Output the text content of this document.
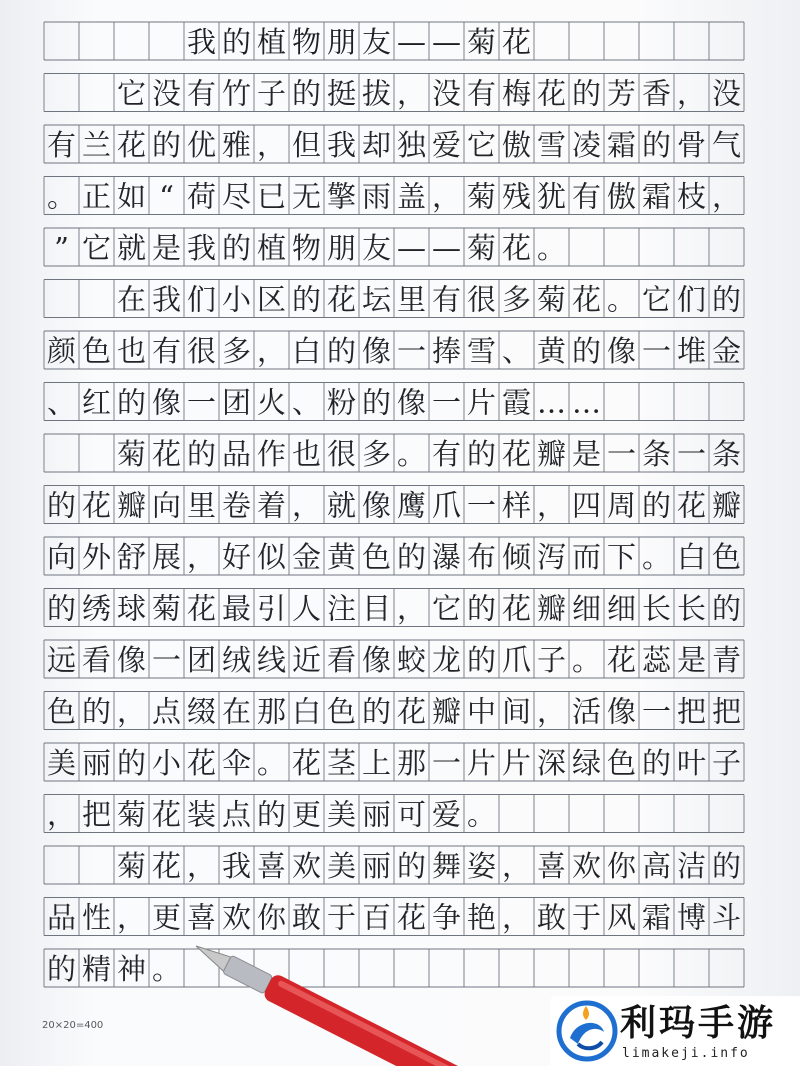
我 的 植 物 朋 友 — — 菊 花
它 没 有 竹 子 的 挺 拔 ， 没 有 梅 花 的 芳 香 ， 没
有 兰 花 的 优 雅 ， 但 我 却 独 爱 它 傲 雪 凌 霜 的 骨 气
。 正 如 “ 荷 尽 已 无 擎 雨 盖 ， 菊 残 犹 有 傲 霜 枝 ，
” 它 就 是 我 的 植 物 朋 友 — — 菊 花 。
在 我 们 小 区 的 花 坛 里 有 很 多 菊 花 。 它 们 的
颜 色 也 有 很 多 ， 白 的 像 一 捧 雪 、 黄 的 像 一 堆 金
、 红 的 像 一 团 火 、 粉 的 像 一 片 霞 … …
菊 花 的 品 作 也 很 多 。 有 的 花 瓣 是 一 条 一 条
的 花 瓣 向 里 卷 着 ， 就 像 鹰 爪 一 样 ， 四 周 的 花 瓣
向 外 舒 展 ， 好 似 金 黄 色 的 瀑 布 倾 泻 而 下 。 白 色
的 绣 球 菊 花 最 引 人 注 目 ， 它 的 花 瓣 细 细 长 长 的
远 看 像 一 团 绒 线 近 看 像 蛟 龙 的 爪 子 。 花 蕊 是 青
色 的 ， 点 缀 在 那 白 色 的 花 瓣 中 间 ， 活 像 一 把 把
美 丽 的 小 花 伞 。 花 茎 上 那 一 片 片 深 绿 色 的 叶 子
， 把 菊 花 装 点 的 更 美 丽 可 爱 。
菊 花 ， 我 喜 欢 美 丽 的 舞 姿 ， 喜 欢 你 高 洁 的
品 性 ， 更 喜 欢 你 敢 于 百 花 争 艳 ， 敢 于 风 霜 博 斗
的 精 神 。
20×20=400	利玛手游
limakeji.info
